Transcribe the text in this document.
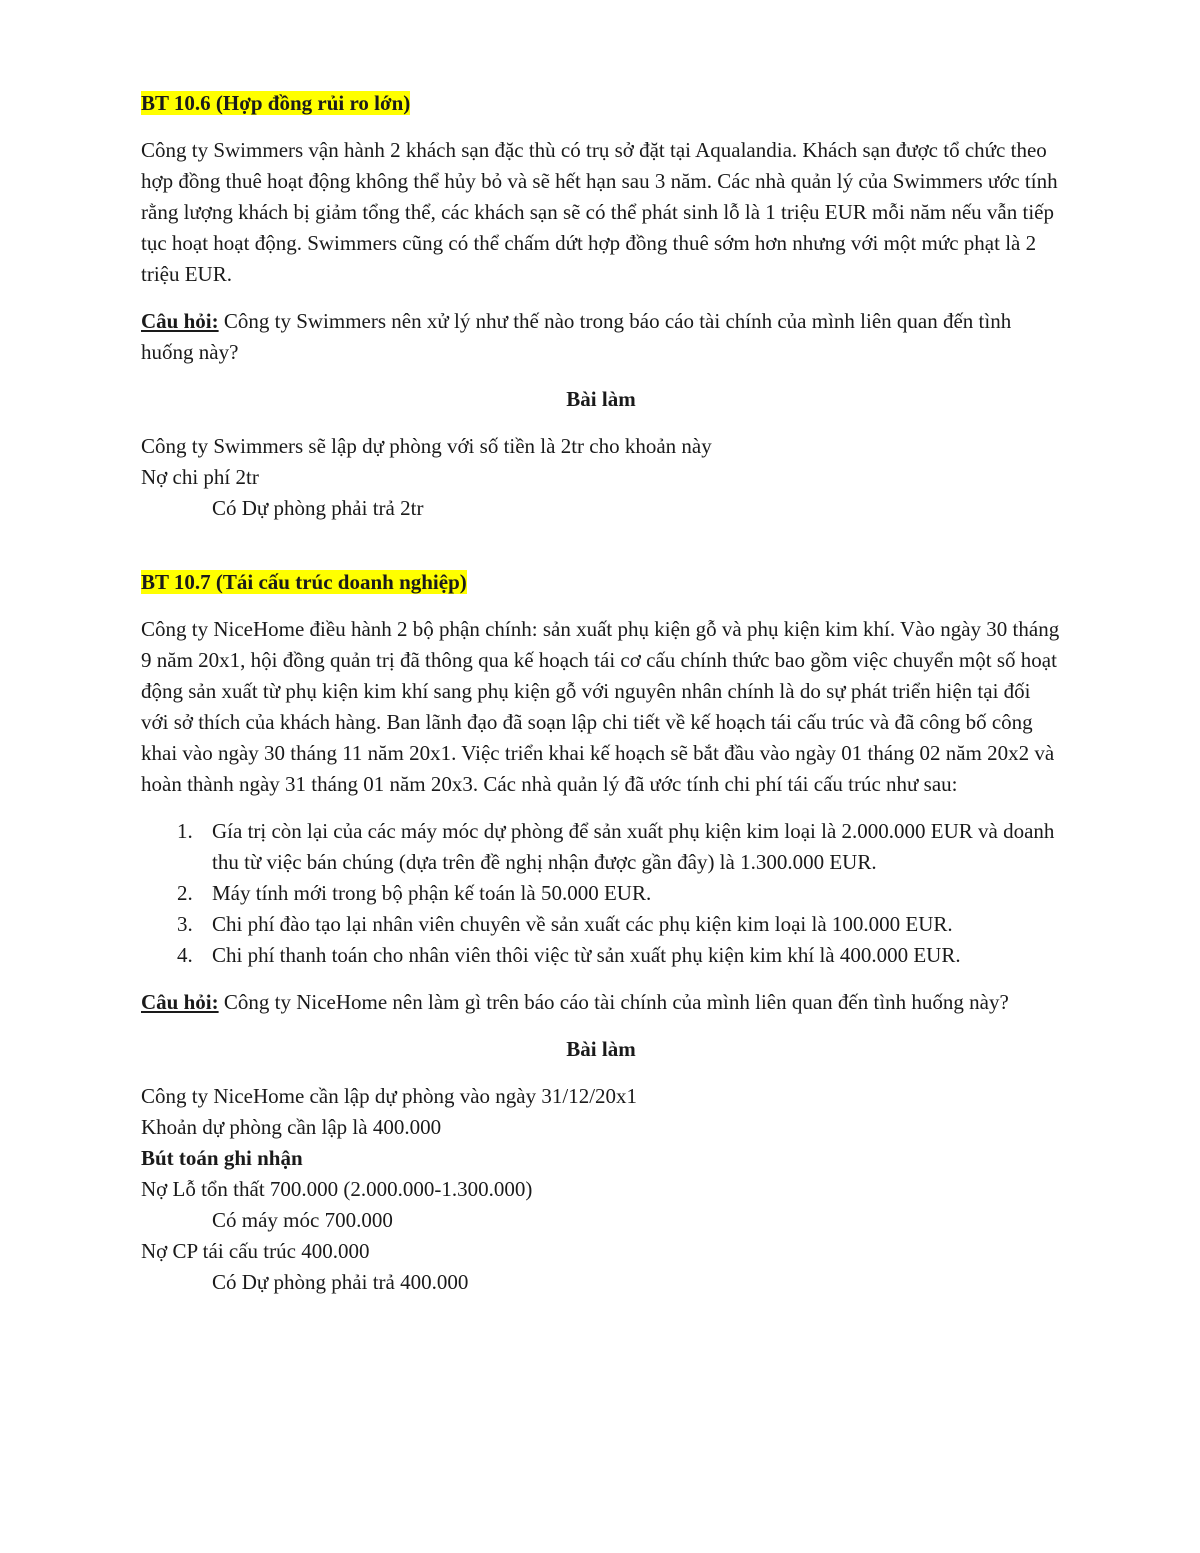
BT 10.6 (Hợp đồng rủi ro lớn)

Công ty Swimmers vận hành 2 khách sạn đặc thù có trụ sở đặt tại Aqualandia. Khách sạn được tổ chức theo hợp đồng thuê hoạt động không thể hủy bỏ và sẽ hết hạn sau 3 năm. Các nhà quản lý của Swimmers ước tính rằng lượng khách bị giảm tổng thể, các khách sạn sẽ có thể phát sinh lỗ là 1 triệu EUR mỗi năm nếu vẫn tiếp tục hoạt hoạt động. Swimmers cũng có thể chấm dứt hợp đồng thuê sớm hơn nhưng với một mức phạt là 2 triệu EUR.

Câu hỏi: Công ty Swimmers nên xử lý như thế nào trong báo cáo tài chính của mình liên quan đến tình huống này?

Bài làm

Công ty Swimmers sẽ lập dự phòng với số tiền là 2tr cho khoản này

Nợ chi phí 2tr

Có Dự phòng phải trả 2tr

BT 10.7 (Tái cấu trúc doanh nghiệp)

Công ty NiceHome điều hành 2 bộ phận chính: sản xuất phụ kiện gỗ và phụ kiện kim khí. Vào ngày 30 tháng 9 năm 20x1, hội đồng quản trị đã thông qua kế hoạch tái cơ cấu chính thức bao gồm việc chuyển một số hoạt động sản xuất từ phụ kiện kim khí sang phụ kiện gỗ với nguyên nhân chính là do sự phát triển hiện tại đối với sở thích của khách hàng. Ban lãnh đạo đã soạn lập chi tiết về kế hoạch tái cấu trúc và đã công bố công khai vào ngày 30 tháng 11 năm 20x1. Việc triển khai kế hoạch sẽ bắt đầu vào ngày 01 tháng 02 năm 20x2 và hoàn thành ngày 31 tháng 01 năm 20x3. Các nhà quản lý đã ước tính chi phí tái cấu trúc như sau:

1. Gía trị còn lại của các máy móc dự phòng để sản xuất phụ kiện kim loại là 2.000.000 EUR và doanh thu từ việc bán chúng (dựa trên đề nghị nhận được gần đây) là 1.300.000 EUR.
2. Máy tính mới trong bộ phận kế toán là 50.000 EUR.
3. Chi phí đào tạo lại nhân viên chuyên về sản xuất các phụ kiện kim loại là 100.000 EUR.
4. Chi phí thanh toán cho nhân viên thôi việc từ sản xuất phụ kiện kim khí là 400.000 EUR.

Câu hỏi: Công ty NiceHome nên làm gì trên báo cáo tài chính của mình liên quan đến tình huống này?

Bài làm

Công ty NiceHome cần lập dự phòng vào ngày 31/12/20x1

Khoản dự phòng cần lập là 400.000

Bút toán ghi nhận

Nợ Lỗ tổn thất 700.000 (2.000.000-1.300.000)

Có máy móc 700.000

Nợ CP tái cấu trúc 400.000

Có Dự phòng phải trả 400.000
